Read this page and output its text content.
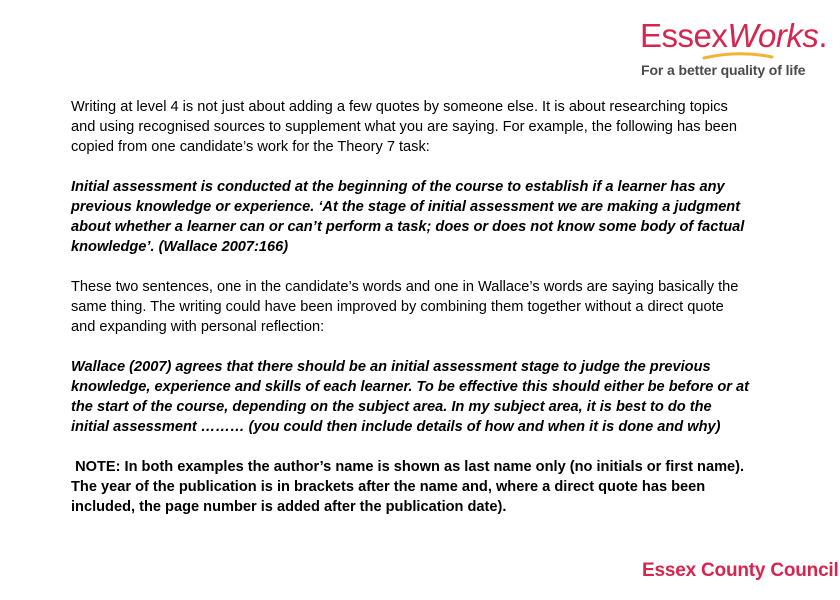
EssexWorks.
For a better quality of life

Writing at level 4 is not just about adding a few quotes by someone else. It is about researching topics and using recognised sources to supplement what you are saying. For example, the following has been copied from one candidate’s work for the Theory 7 task:

Initial assessment is conducted at the beginning of the course to establish if a learner has any previous knowledge or experience. ‘At the stage of initial assessment we are making a judgment about whether a learner can or can’t perform a task; does or does not know some body of factual knowledge’. (Wallace 2007:166)

These two sentences, one in the candidate’s words and one in Wallace’s words are saying basically the same thing. The writing could have been improved by combining them together without a direct quote and expanding with personal reflection:

Wallace (2007) agrees that there should be an initial assessment stage to judge the previous knowledge, experience and skills of each learner. To be effective this should either be before or at the start of the course, depending on the subject area. In my subject area, it is best to do the initial assessment ……… (you could then include details of how and when it is done and why)

NOTE: In both examples the author’s name is shown as last name only (no initials or first name). The year of the publication is in brackets after the name and, where a direct quote has been included, the page number is added after the publication date).

Essex County Council
